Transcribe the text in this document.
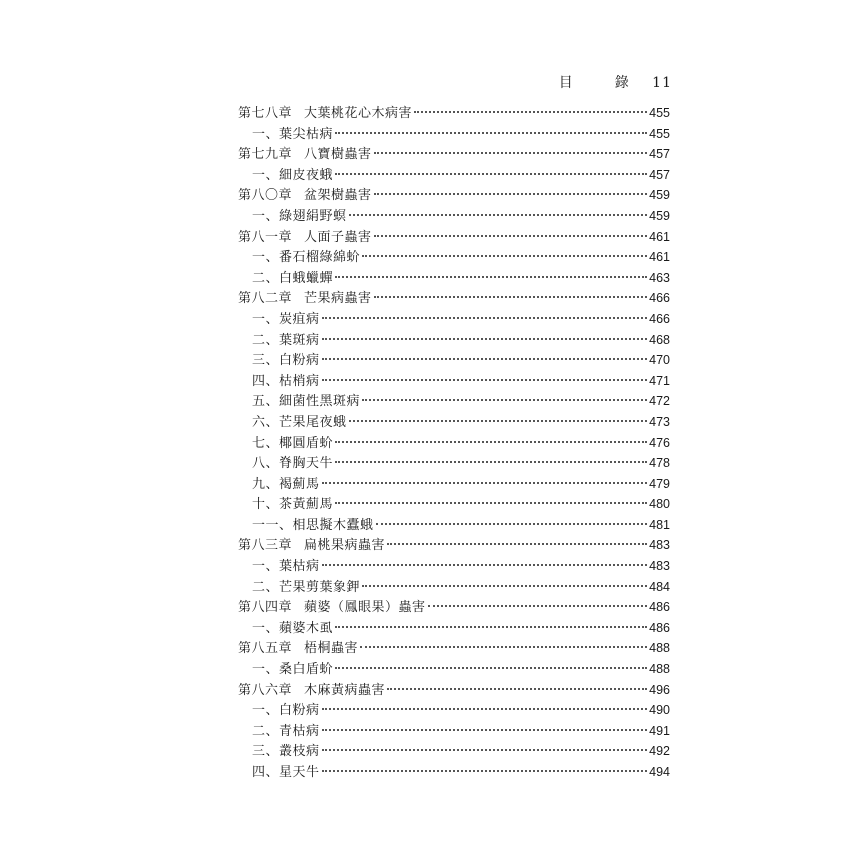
目　錄 11
第七八章 大葉桃花心木病害	455
一、葉尖枯病	455
第七九章 八寶樹蟲害	457
一、細皮夜蛾	457
第八〇章 盆架樹蟲害	459
一、綠翅絹野螟	459
第八一章 人面子蟲害	461
一、番石榴綠綿蚧	461
二、白蛾蠟蟬	463
第八二章 芒果病蟲害	466
一、炭疽病	466
二、葉斑病	468
三、白粉病	470
四、枯梢病	471
五、細菌性黑斑病	472
六、芒果尾夜蛾	473
七、椰圓盾蚧	476
八、脊胸天牛	478
九、褐薊馬	479
十、茶黃薊馬	480
一一、相思擬木蠹蛾	481
第八三章 扁桃果病蟲害	483
一、葉枯病	483
二、芒果剪葉象鉀	484
第八四章 蘋婆（鳳眼果）蟲害	486
一、蘋婆木虱	486
第八五章 梧桐蟲害	488
一、桑白盾蚧	488
第八六章 木麻黃病蟲害	496
一、白粉病	490
二、青枯病	491
三、叢枝病	492
四、星天牛	494
